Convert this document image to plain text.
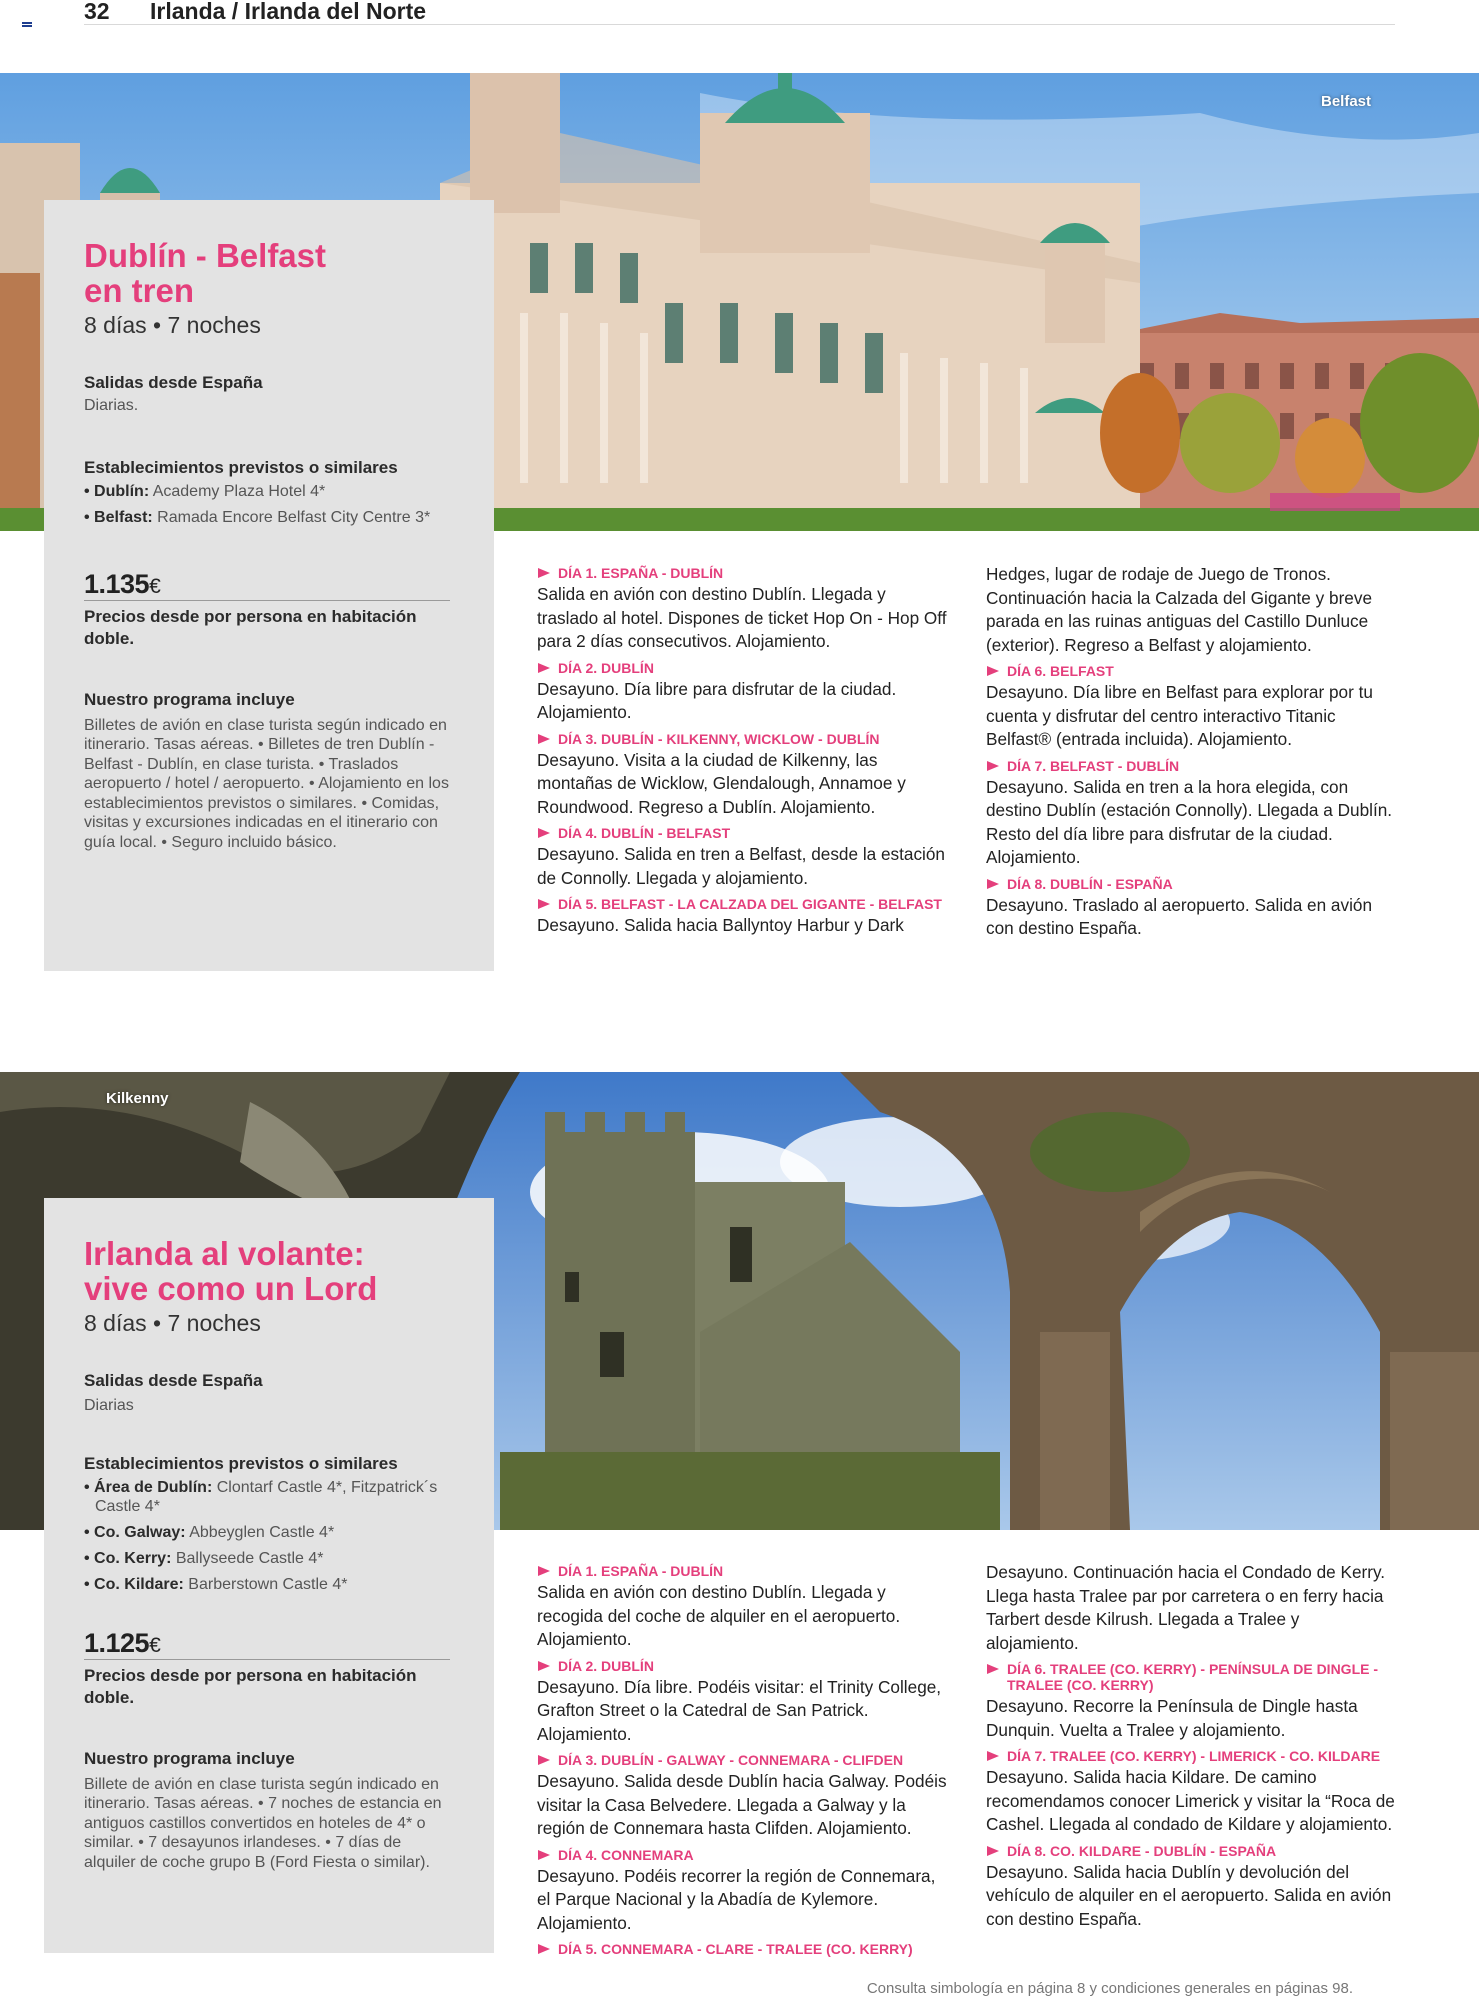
32 Irlanda / Irlanda del Norte
Belfast
Dublín - Belfast
en tren
8 días • 7 noches
Salidas desde España
Diarias.
Establecimientos previstos o similares
• Dublín: Academy Plaza Hotel 4*
• Belfast: Ramada Encore Belfast City Centre 3*
1.135€
Precios desde por persona en habitación doble.
Nuestro programa incluye
Billetes de avión en clase turista según indicado en itinerario. Tasas aéreas. • Billetes de tren Dublín - Belfast - Dublín, en clase turista. • Traslados aeropuerto / hotel / aeropuerto. • Alojamiento en los establecimientos previstos o similares. • Comidas, visitas y excursiones indicadas en el itinerario con guía local. • Seguro incluido básico.
DÍA 1. ESPAÑA - DUBLÍN
Salida en avión con destino Dublín. Llegada y traslado al hotel. Dispones de ticket Hop On - Hop Off para 2 días consecutivos. Alojamiento.
DÍA 2. DUBLÍN
Desayuno. Día libre para disfrutar de la ciudad. Alojamiento.
DÍA 3. DUBLÍN - KILKENNY, WICKLOW - DUBLÍN
Desayuno. Visita a la ciudad de Kilkenny, las montañas de Wicklow, Glendalough, Annamoe y Roundwood. Regreso a Dublín. Alojamiento.
DÍA 4. DUBLÍN - BELFAST
Desayuno. Salida en tren a Belfast, desde la estación de Connolly. Llegada y alojamiento.
DÍA 5. BELFAST - LA CALZADA DEL GIGANTE - BELFAST
Desayuno. Salida hacia Ballyntoy Harbur y Dark
Hedges, lugar de rodaje de Juego de Tronos. Continuación hacia la Calzada del Gigante y breve parada en las ruinas antiguas del Castillo Dunluce (exterior). Regreso a Belfast y alojamiento.
DÍA 6. BELFAST
Desayuno. Día libre en Belfast para explorar por tu cuenta y disfrutar del centro interactivo Titanic Belfast® (entrada incluida). Alojamiento.
DÍA 7. BELFAST - DUBLÍN
Desayuno. Salida en tren a la hora elegida, con destino Dublín (estación Connolly). Llegada a Dublín. Resto del día libre para disfrutar de la ciudad. Alojamiento.
DÍA 8. DUBLÍN - ESPAÑA
Desayuno. Traslado al aeropuerto. Salida en avión con destino España.
Kilkenny
Irlanda al volante:
vive como un Lord
8 días • 7 noches
Salidas desde España
Diarias
Establecimientos previstos o similares
• Área de Dublín: Clontarf Castle 4*, Fitzpatrick´s Castle 4*
• Co. Galway: Abbeyglen Castle 4*
• Co. Kerry: Ballyseede Castle 4*
• Co. Kildare: Barberstown Castle 4*
1.125€
Precios desde por persona en habitación doble.
Nuestro programa incluye
Billete de avión en clase turista según indicado en itinerario. Tasas aéreas. • 7 noches de estancia en antiguos castillos convertidos en hoteles de 4* o similar. • 7 desayunos irlandeses. • 7 días de alquiler de coche grupo B (Ford Fiesta o similar).
DÍA 1. ESPAÑA - DUBLÍN
Salida en avión con destino Dublín. Llegada y recogida del coche de alquiler en el aeropuerto. Alojamiento.
DÍA 2. DUBLÍN
Desayuno. Día libre. Podéis visitar: el Trinity College, Grafton Street o la Catedral de San Patrick. Alojamiento.
DÍA 3. DUBLÍN - GALWAY - CONNEMARA - CLIFDEN
Desayuno. Salida desde Dublín hacia Galway. Podéis visitar la Casa Belvedere. Llegada a Galway y la región de Connemara hasta Clifden. Alojamiento.
DÍA 4. CONNEMARA
Desayuno. Podéis recorrer la región de Connemara, el Parque Nacional y la Abadía de Kylemore. Alojamiento.
DÍA 5. CONNEMARA - CLARE - TRALEE (CO. KERRY)
Desayuno. Continuación hacia el Condado de Kerry. Llega hasta Tralee par por carretera o en ferry hacia Tarbert desde Kilrush. Llegada a Tralee y alojamiento.
DÍA 6. TRALEE (CO. KERRY) - PENÍNSULA DE DINGLE - TRALEE (CO. KERRY)
Desayuno. Recorre la Península de Dingle hasta Dunquin. Vuelta a Tralee y alojamiento.
DÍA 7. TRALEE (CO. KERRY) - LIMERICK - CO. KILDARE
Desayuno. Salida hacia Kildare. De camino recomendamos conocer Limerick y visitar la “Roca de Cashel. Llegada al condado de Kildare y alojamiento.
DÍA 8. CO. KILDARE - DUBLÍN - ESPAÑA
Desayuno. Salida hacia Dublín y devolución del vehículo de alquiler en el aeropuerto. Salida en avión con destino España.
Consulta simbología en página 8 y condiciones generales en páginas 98.
